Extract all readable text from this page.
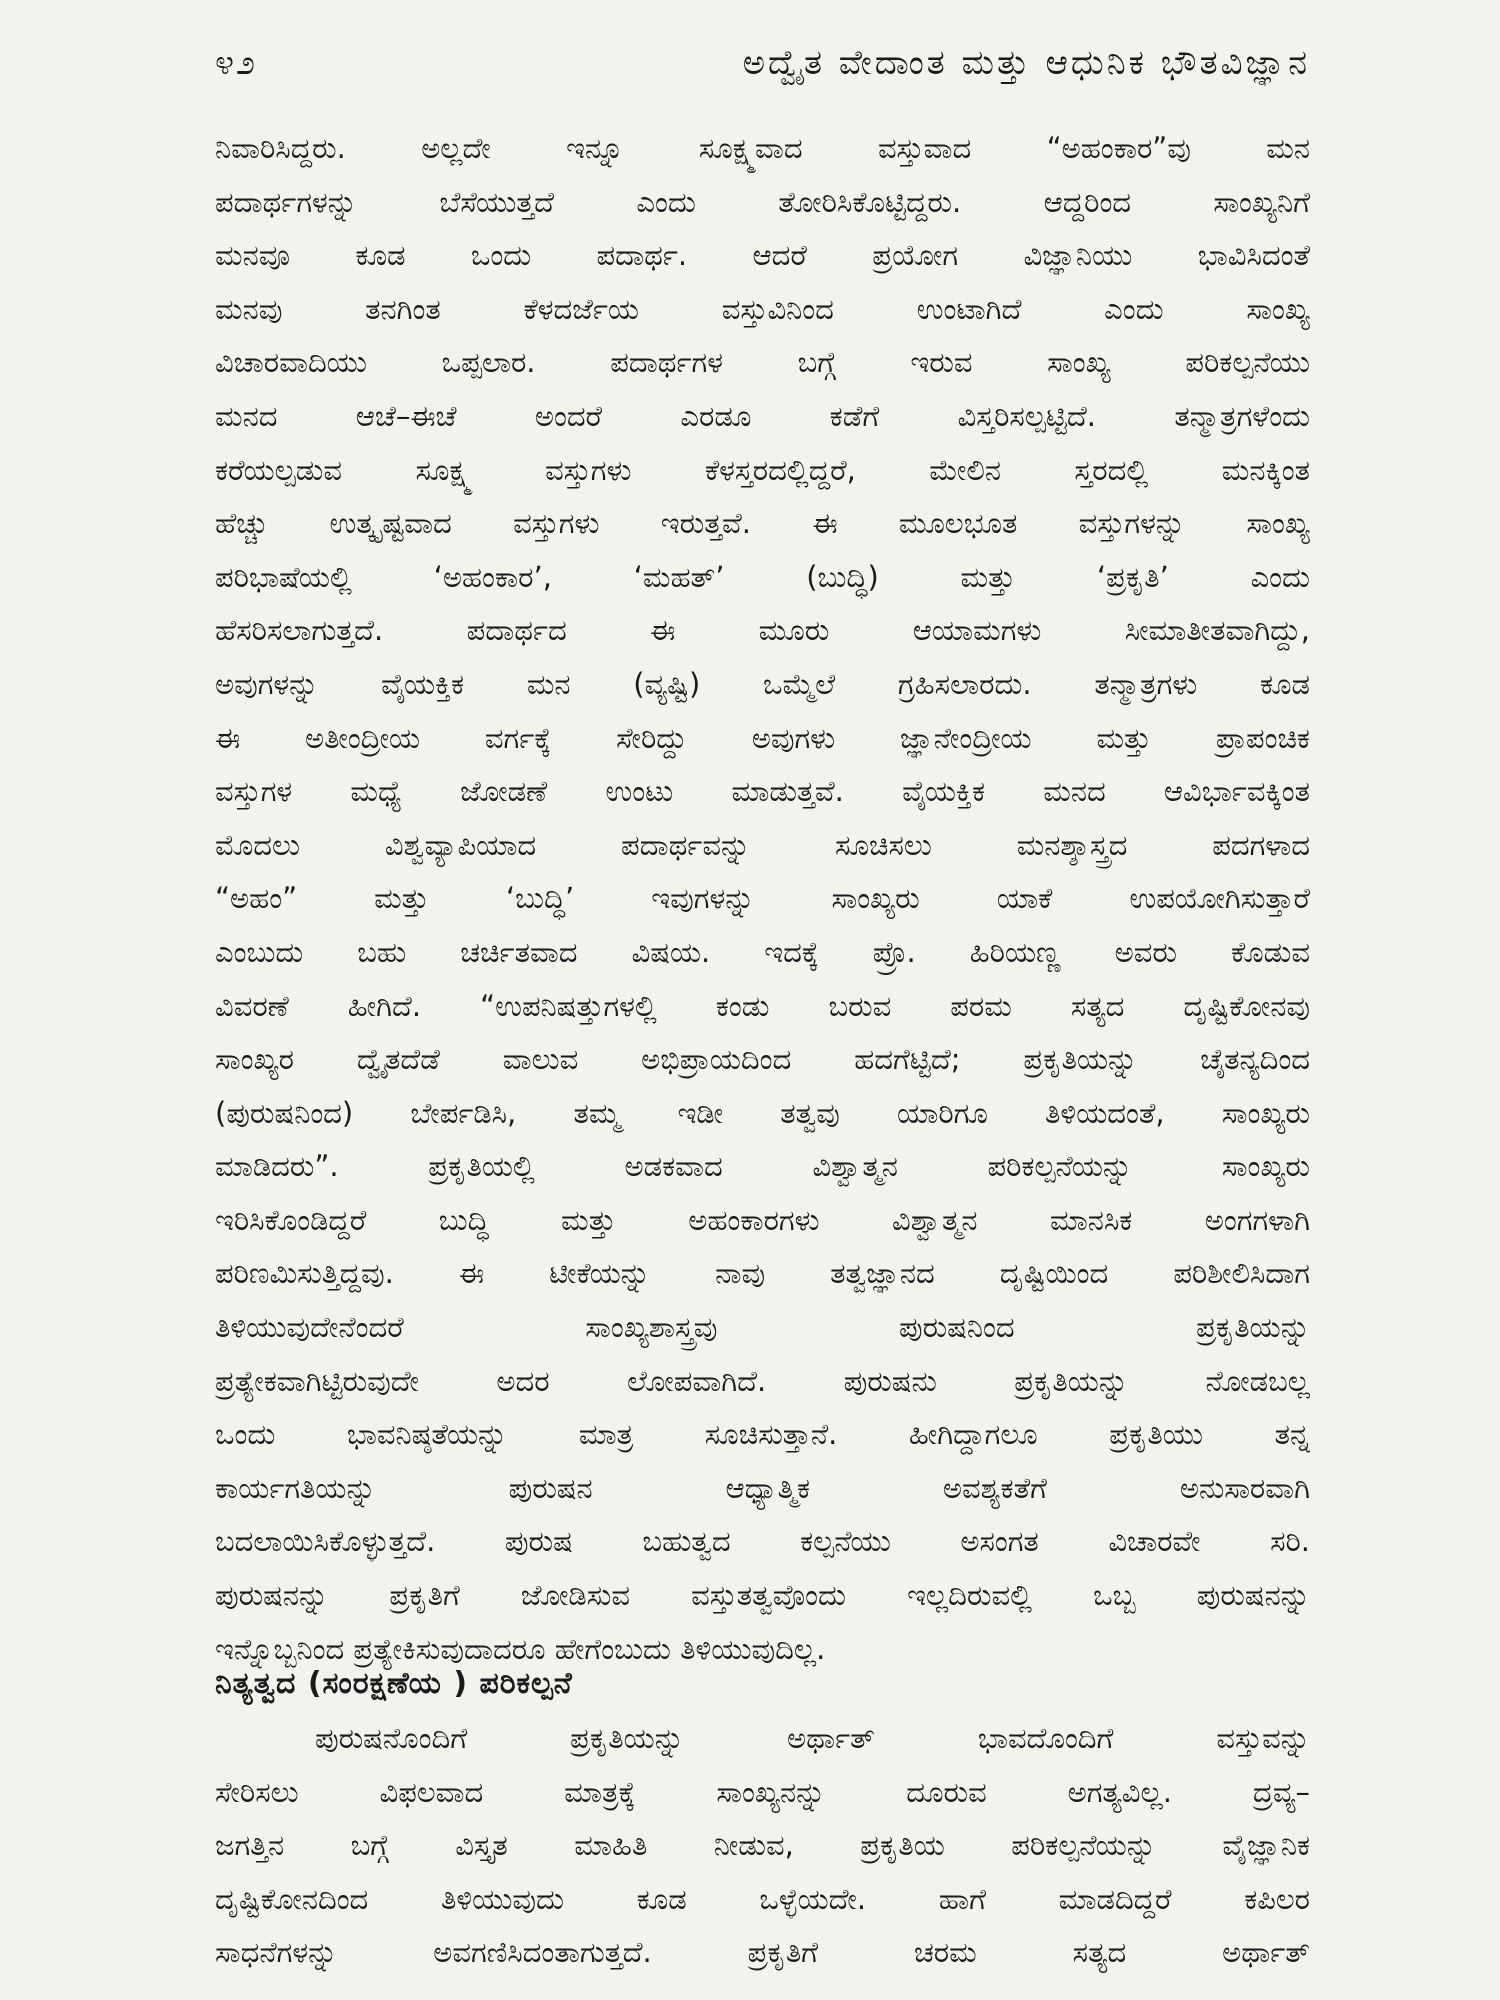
೪೨	ಅದ್ವೈತ ವೇದಾಂತ ಮತ್ತು ಆಧುನಿಕ ಭೌತವಿಜ್ಞಾನ
ನಿವಾರಿಸಿದ್ದರು. ಅಲ್ಲದೇ ಇನ್ನೂ ಸೂಕ್ಷ್ಮವಾದ ವಸ್ತುವಾದ “ಅಹಂಕಾರ”ವು ಮನ
ಪದಾರ್ಥಗಳನ್ನು ಬೆಸೆಯುತ್ತದೆ ಎಂದು ತೋರಿಸಿಕೊಟ್ಟಿದ್ದರು. ಆದ್ದರಿಂದ ಸಾಂಖ್ಯನಿಗೆ
ಮನವೂ ಕೂಡ ಒಂದು ಪದಾರ್ಥ. ಆದರೆ ಪ್ರಯೋಗ ವಿಜ್ಞಾನಿಯು ಭಾವಿಸಿದಂತೆ
ಮನವು ತನಗಿಂತ ಕೆಳದರ್ಜೆಯ ವಸ್ತುವಿನಿಂದ ಉಂಟಾಗಿದೆ ಎಂದು ಸಾಂಖ್ಯ
ವಿಚಾರವಾದಿಯು ಒಪ್ಪಲಾರ. ಪದಾರ್ಥಗಳ ಬಗ್ಗೆ ಇರುವ ಸಾಂಖ್ಯ ಪರಿಕಲ್ಪನೆಯು
ಮನದ ಆಚೆ–ಈಚೆ ಅಂದರೆ ಎರಡೂ ಕಡೆಗೆ ವಿಸ್ತರಿಸಲ್ಪಟ್ಟಿದೆ. ತನ್ಮಾತ್ರಗಳೆಂದು
ಕರೆಯಲ್ಪಡುವ ಸೂಕ್ಷ್ಮ ವಸ್ತುಗಳು ಕೆಳಸ್ತರದಲ್ಲಿದ್ದರೆ, ಮೇಲಿನ ಸ್ತರದಲ್ಲಿ ಮನಕ್ಕಿಂತ
ಹೆಚ್ಚು ಉತ್ಕೃಷ್ಟವಾದ ವಸ್ತುಗಳು ಇರುತ್ತವೆ. ಈ ಮೂಲಭೂತ ವಸ್ತುಗಳನ್ನು ಸಾಂಖ್ಯ
ಪರಿಭಾಷೆಯಲ್ಲಿ ‘ಅಹಂಕಾರ’, ‘ಮಹತ್’ (ಬುದ್ಧಿ) ಮತ್ತು ‘ಪ್ರಕೃತಿ’ ಎಂದು
ಹೆಸರಿಸಲಾಗುತ್ತದೆ. ಪದಾರ್ಥದ ಈ ಮೂರು ಆಯಾಮಗಳು ಸೀಮಾತೀತವಾಗಿದ್ದು,
ಅವುಗಳನ್ನು ವೈಯಕ್ತಿಕ ಮನ (ವ್ಯಷ್ಟಿ) ಒಮ್ಮೆಲೆ ಗ್ರಹಿಸಲಾರದು. ತನ್ಮಾತ್ರಗಳು ಕೂಡ
ಈ ಅತೀಂದ್ರೀಯ ವರ್ಗಕ್ಕೆ ಸೇರಿದ್ದು ಅವುಗಳು ಜ್ಞಾನೇಂದ್ರೀಯ ಮತ್ತು ಪ್ರಾಪಂಚಿಕ
ವಸ್ತುಗಳ ಮಧ್ಯೆ ಜೋಡಣೆ ಉಂಟು ಮಾಡುತ್ತವೆ. ವೈಯಕ್ತಿಕ ಮನದ ಆವಿರ್ಭಾವಕ್ಕಿಂತ
ಮೊದಲು ವಿಶ್ವವ್ಯಾಪಿಯಾದ ಪದಾರ್ಥವನ್ನು ಸೂಚಿಸಲು ಮನಶ್ಶಾಸ್ತ್ರದ ಪದಗಳಾದ
“ಅಹಂ” ಮತ್ತು ‘ಬುದ್ಧಿ’ ಇವುಗಳನ್ನು ಸಾಂಖ್ಯರು ಯಾಕೆ ಉಪಯೋಗಿಸುತ್ತಾರೆ
ಎಂಬುದು ಬಹು ಚರ್ಚಿತವಾದ ವಿಷಯ. ಇದಕ್ಕೆ ಪ್ರೊ. ಹಿರಿಯಣ್ಣ ಅವರು ಕೊಡುವ
ವಿವರಣೆ ಹೀಗಿದೆ. “ಉಪನಿಷತ್ತುಗಳಲ್ಲಿ ಕಂಡು ಬರುವ ಪರಮ ಸತ್ಯದ ದೃಷ್ಟಿಕೋನವು
ಸಾಂಖ್ಯರ ದ್ವೈತದೆಡೆ ವಾಲುವ ಅಭಿಪ್ರಾಯದಿಂದ ಹದಗೆಟ್ಟಿದೆ; ಪ್ರಕೃತಿಯನ್ನು ಚೈತನ್ಯದಿಂದ
(ಪುರುಷನಿಂದ) ಬೇರ್ಪಡಿಸಿ, ತಮ್ಮ ಇಡೀ ತತ್ವವು ಯಾರಿಗೂ ತಿಳಿಯದಂತೆ, ಸಾಂಖ್ಯರು
ಮಾಡಿದರು”. ಪ್ರಕೃತಿಯಲ್ಲಿ ಅಡಕವಾದ ವಿಶ್ವಾತ್ಮನ ಪರಿಕಲ್ಪನೆಯನ್ನು ಸಾಂಖ್ಯರು
ಇರಿಸಿಕೊಂಡಿದ್ದರೆ ಬುದ್ಧಿ ಮತ್ತು ಅಹಂಕಾರಗಳು ವಿಶ್ವಾತ್ಮನ ಮಾನಸಿಕ ಅಂಗಗಳಾಗಿ
ಪರಿಣಮಿಸುತ್ತಿದ್ದವು. ಈ ಟೀಕೆಯನ್ನು ನಾವು ತತ್ವಜ್ಞಾನದ ದೃಷ್ಟಿಯಿಂದ ಪರಿಶೀಲಿಸಿದಾಗ
ತಿಳಿಯುವುದೇನೆಂದರೆ ಸಾಂಖ್ಯಶಾಸ್ತ್ರವು ಪುರುಷನಿಂದ ಪ್ರಕೃತಿಯನ್ನು
ಪ್ರತ್ಯೇಕವಾಗಿಟ್ಟಿರುವುದೇ ಅದರ ಲೋಪವಾಗಿದೆ. ಪುರುಷನು ಪ್ರಕೃತಿಯನ್ನು ನೋಡಬಲ್ಲ
ಒಂದು ಭಾವನಿಷ್ಠತೆಯನ್ನು ಮಾತ್ರ ಸೂಚಿಸುತ್ತಾನೆ. ಹೀಗಿದ್ದಾಗಲೂ ಪ್ರಕೃತಿಯು ತನ್ನ
ಕಾರ್ಯಗತಿಯನ್ನು ಪುರುಷನ ಆಧ್ಯಾತ್ಮಿಕ ಅವಶ್ಯಕತೆಗೆ ಅನುಸಾರವಾಗಿ
ಬದಲಾಯಿಸಿಕೊಳ್ಳುತ್ತದೆ. ಪುರುಷ ಬಹುತ್ವದ ಕಲ್ಪನೆಯು ಅಸಂಗತ ವಿಚಾರವೇ ಸರಿ.
ಪುರುಷನನ್ನು ಪ್ರಕೃತಿಗೆ ಜೋಡಿಸುವ ವಸ್ತುತತ್ವವೊಂದು ಇಲ್ಲದಿರುವಲ್ಲಿ ಒಬ್ಬ ಪುರುಷನನ್ನು
ಇನ್ನೊಬ್ಬನಿಂದ ಪ್ರತ್ಯೇಕಿಸುವುದಾದರೂ ಹೇಗೆಂಬುದು ತಿಳಿಯುವುದಿಲ್ಲ.
ನಿತ್ಯತ್ವದ (ಸಂರಕ್ಷಣೆಯ ) ಪರಿಕಲ್ಪನೆ
ಪುರುಷನೊಂದಿಗೆ ಪ್ರಕೃತಿಯನ್ನು ಅರ್ಥಾತ್ ಭಾವದೊಂದಿಗೆ ವಸ್ತುವನ್ನು
ಸೇರಿಸಲು ವಿಫಲವಾದ ಮಾತ್ರಕ್ಕೆ ಸಾಂಖ್ಯನನ್ನು ದೂರುವ ಅಗತ್ಯವಿಲ್ಲ. ದ್ರವ್ಯ–
ಜಗತ್ತಿನ ಬಗ್ಗೆ ವಿಸ್ತೃತ ಮಾಹಿತಿ ನೀಡುವ, ಪ್ರಕೃತಿಯ ಪರಿಕಲ್ಪನೆಯನ್ನು ವೈಜ್ಞಾನಿಕ
ದೃಷ್ಟಿಕೋನದಿಂದ ತಿಳಿಯುವುದು ಕೂಡ ಒಳ್ಳೆಯದೇ. ಹಾಗೆ ಮಾಡದಿದ್ದರೆ ಕಪಿಲರ
ಸಾಧನೆಗಳನ್ನು ಅವಗಣಿಸಿದಂತಾಗುತ್ತದೆ. ಪ್ರಕೃತಿಗೆ ಚರಮ ಸತ್ಯದ ಅರ್ಥಾತ್
